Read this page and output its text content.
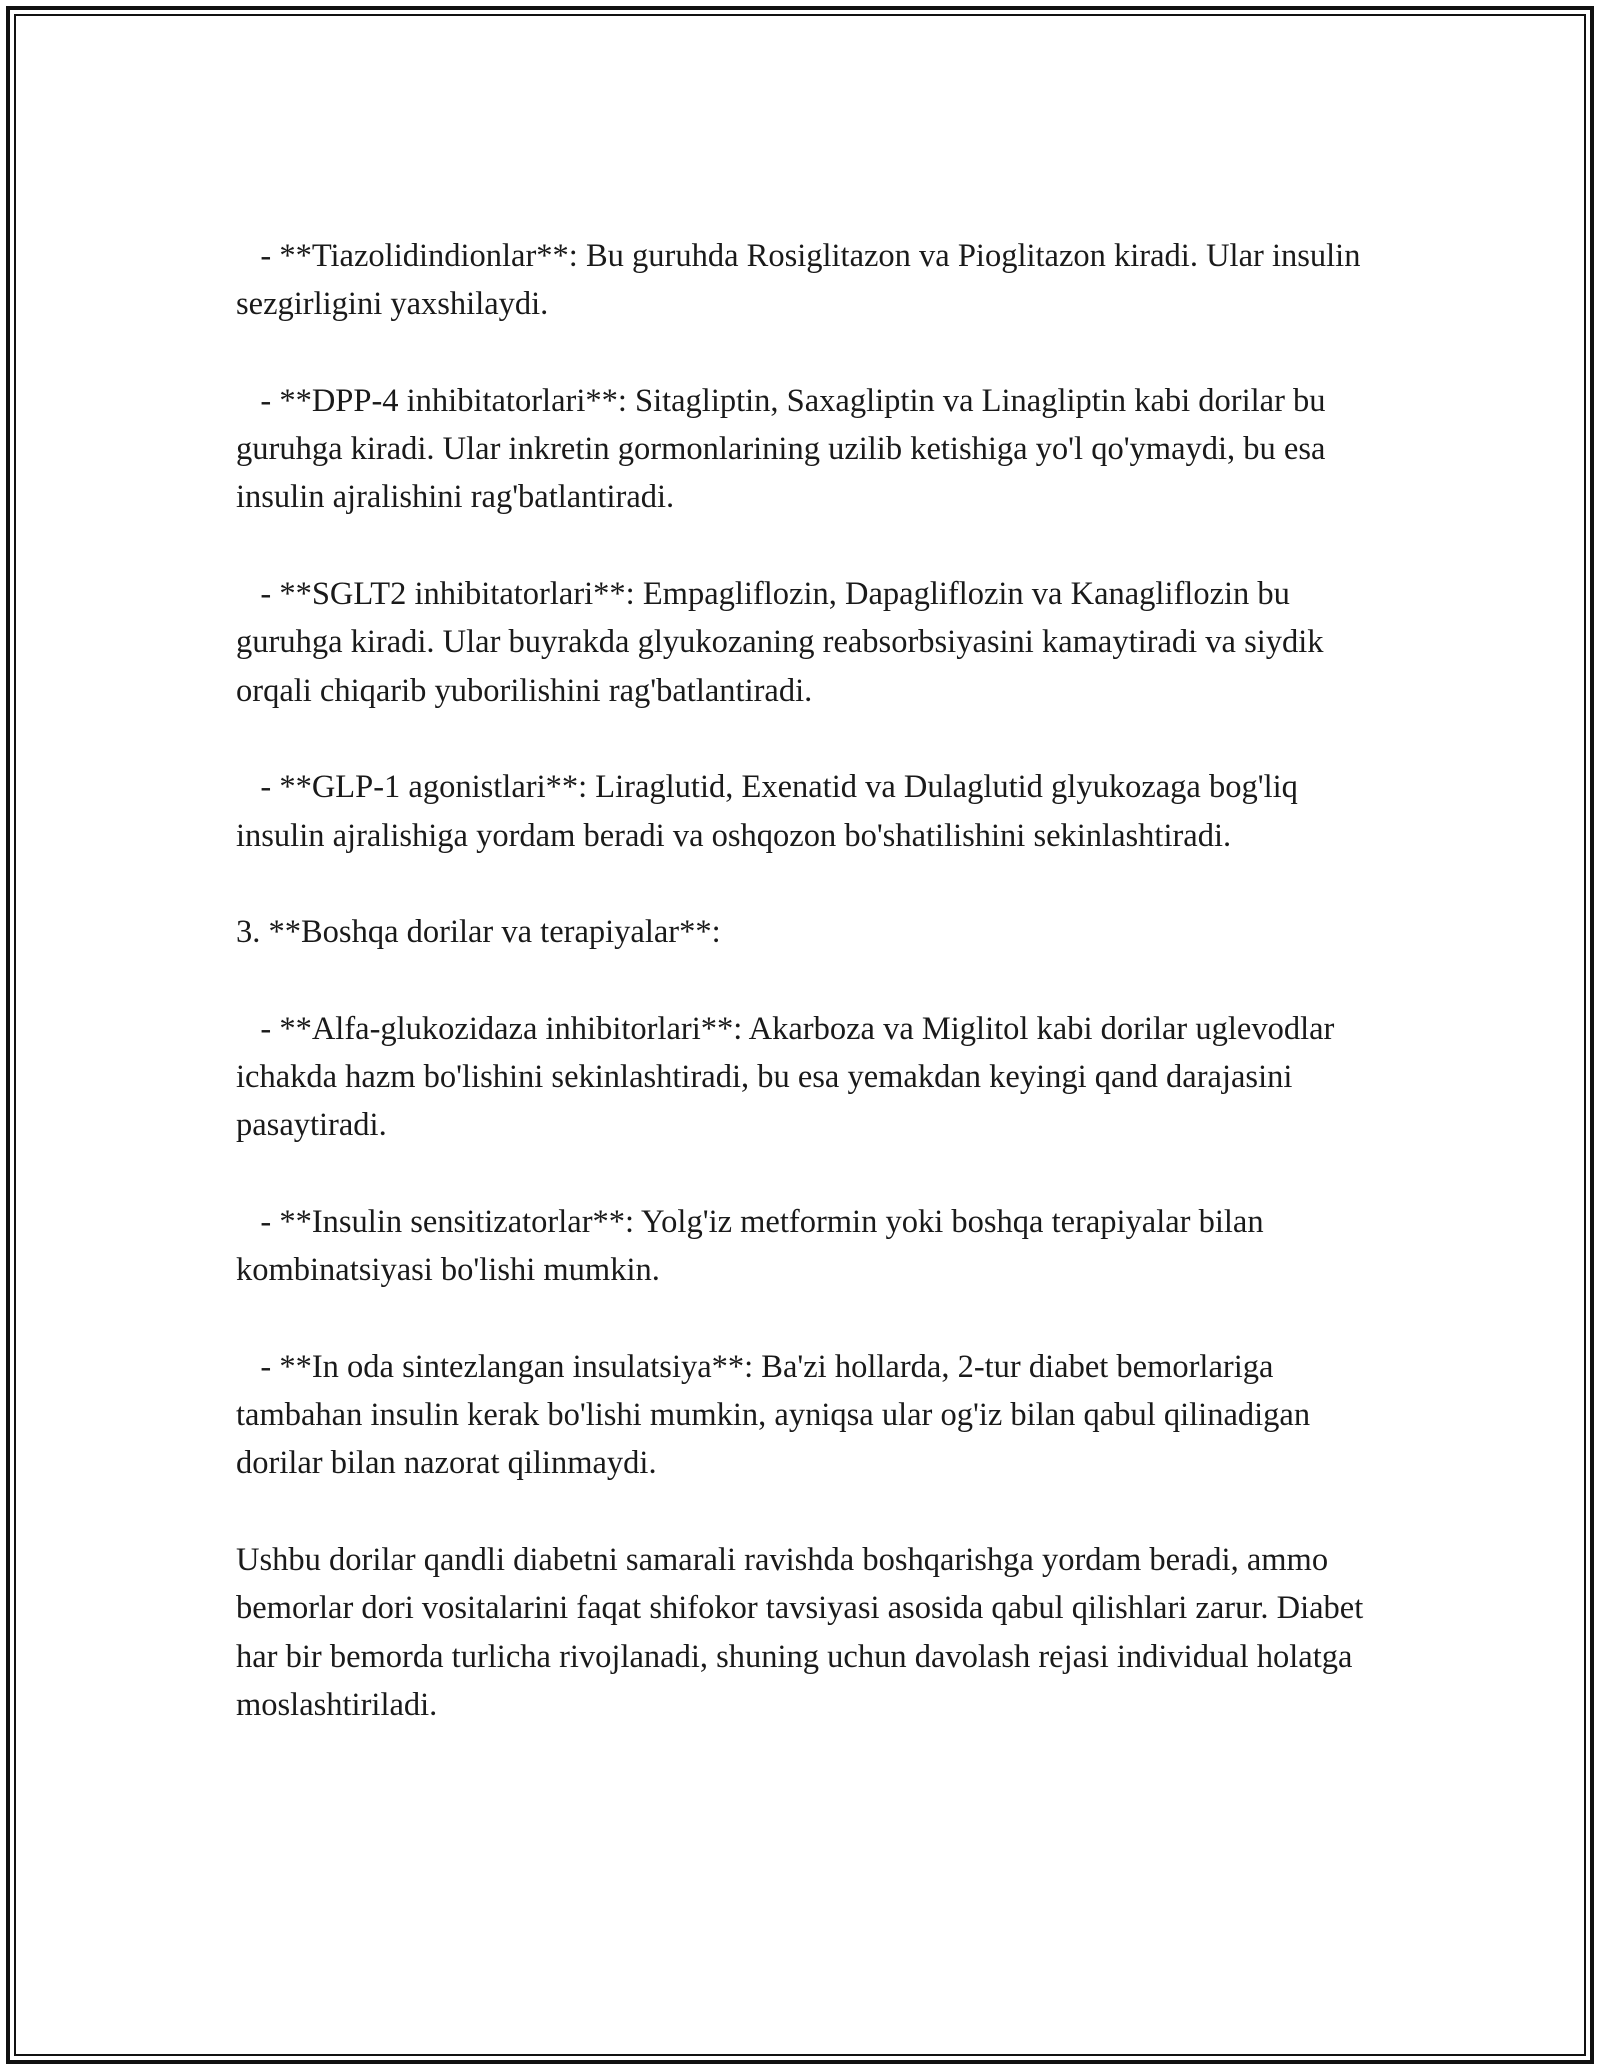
- **Tiazolidindionlar**: Bu guruhda Rosiglitazon va Pioglitazon kiradi. Ular insulin sezgirligini yaxshilaydi.

- **DPP-4 inhibitatorlari**: Sitagliptin, Saxagliptin va Linagliptin kabi dorilar bu guruhga kiradi. Ular inkretin gormonlarining uzilib ketishiga yo'l qo'ymaydi, bu esa insulin ajralishini rag'batlantiradi.

- **SGLT2 inhibitatorlari**: Empagliflozin, Dapagliflozin va Kanagliflozin bu guruhga kiradi. Ular buyrakda glyukozaning reabsorbsiyasini kamaytiradi va siydik orqali chiqarib yuborilishini rag'batlantiradi.

- **GLP-1 agonistlari**: Liraglutid, Exenatid va Dulaglutid glyukozaga bog'liq insulin ajralishiga yordam beradi va oshqozon bo'shatilishini sekinlashtiradi.

3. **Boshqa dorilar va terapiyalar**:

- **Alfa-glukozidaza inhibitorlari**: Akarboza va Miglitol kabi dorilar uglevodlar ichakda hazm bo'lishini sekinlashtiradi, bu esa yemakdan keyingi qand darajasini pasaytiradi.

- **Insulin sensitizatorlar**: Yolg'iz metformin yoki boshqa terapiyalar bilan kombinatsiyasi bo'lishi mumkin.

- **In oda sintezlangan insulatsiya**: Ba'zi hollarda, 2-tur diabet bemorlariga tambahan insulin kerak bo'lishi mumkin, ayniqsa ular og'iz bilan qabul qilinadigan dorilar bilan nazorat qilinmaydi.

Ushbu dorilar qandli diabetni samarali ravishda boshqarishga yordam beradi, ammo bemorlar dori vositalarini faqat shifokor tavsiyasi asosida qabul qilishlari zarur. Diabet har bir bemorda turlicha rivojlanadi, shuning uchun davolash rejasi individual holatga moslashtiriladi.
